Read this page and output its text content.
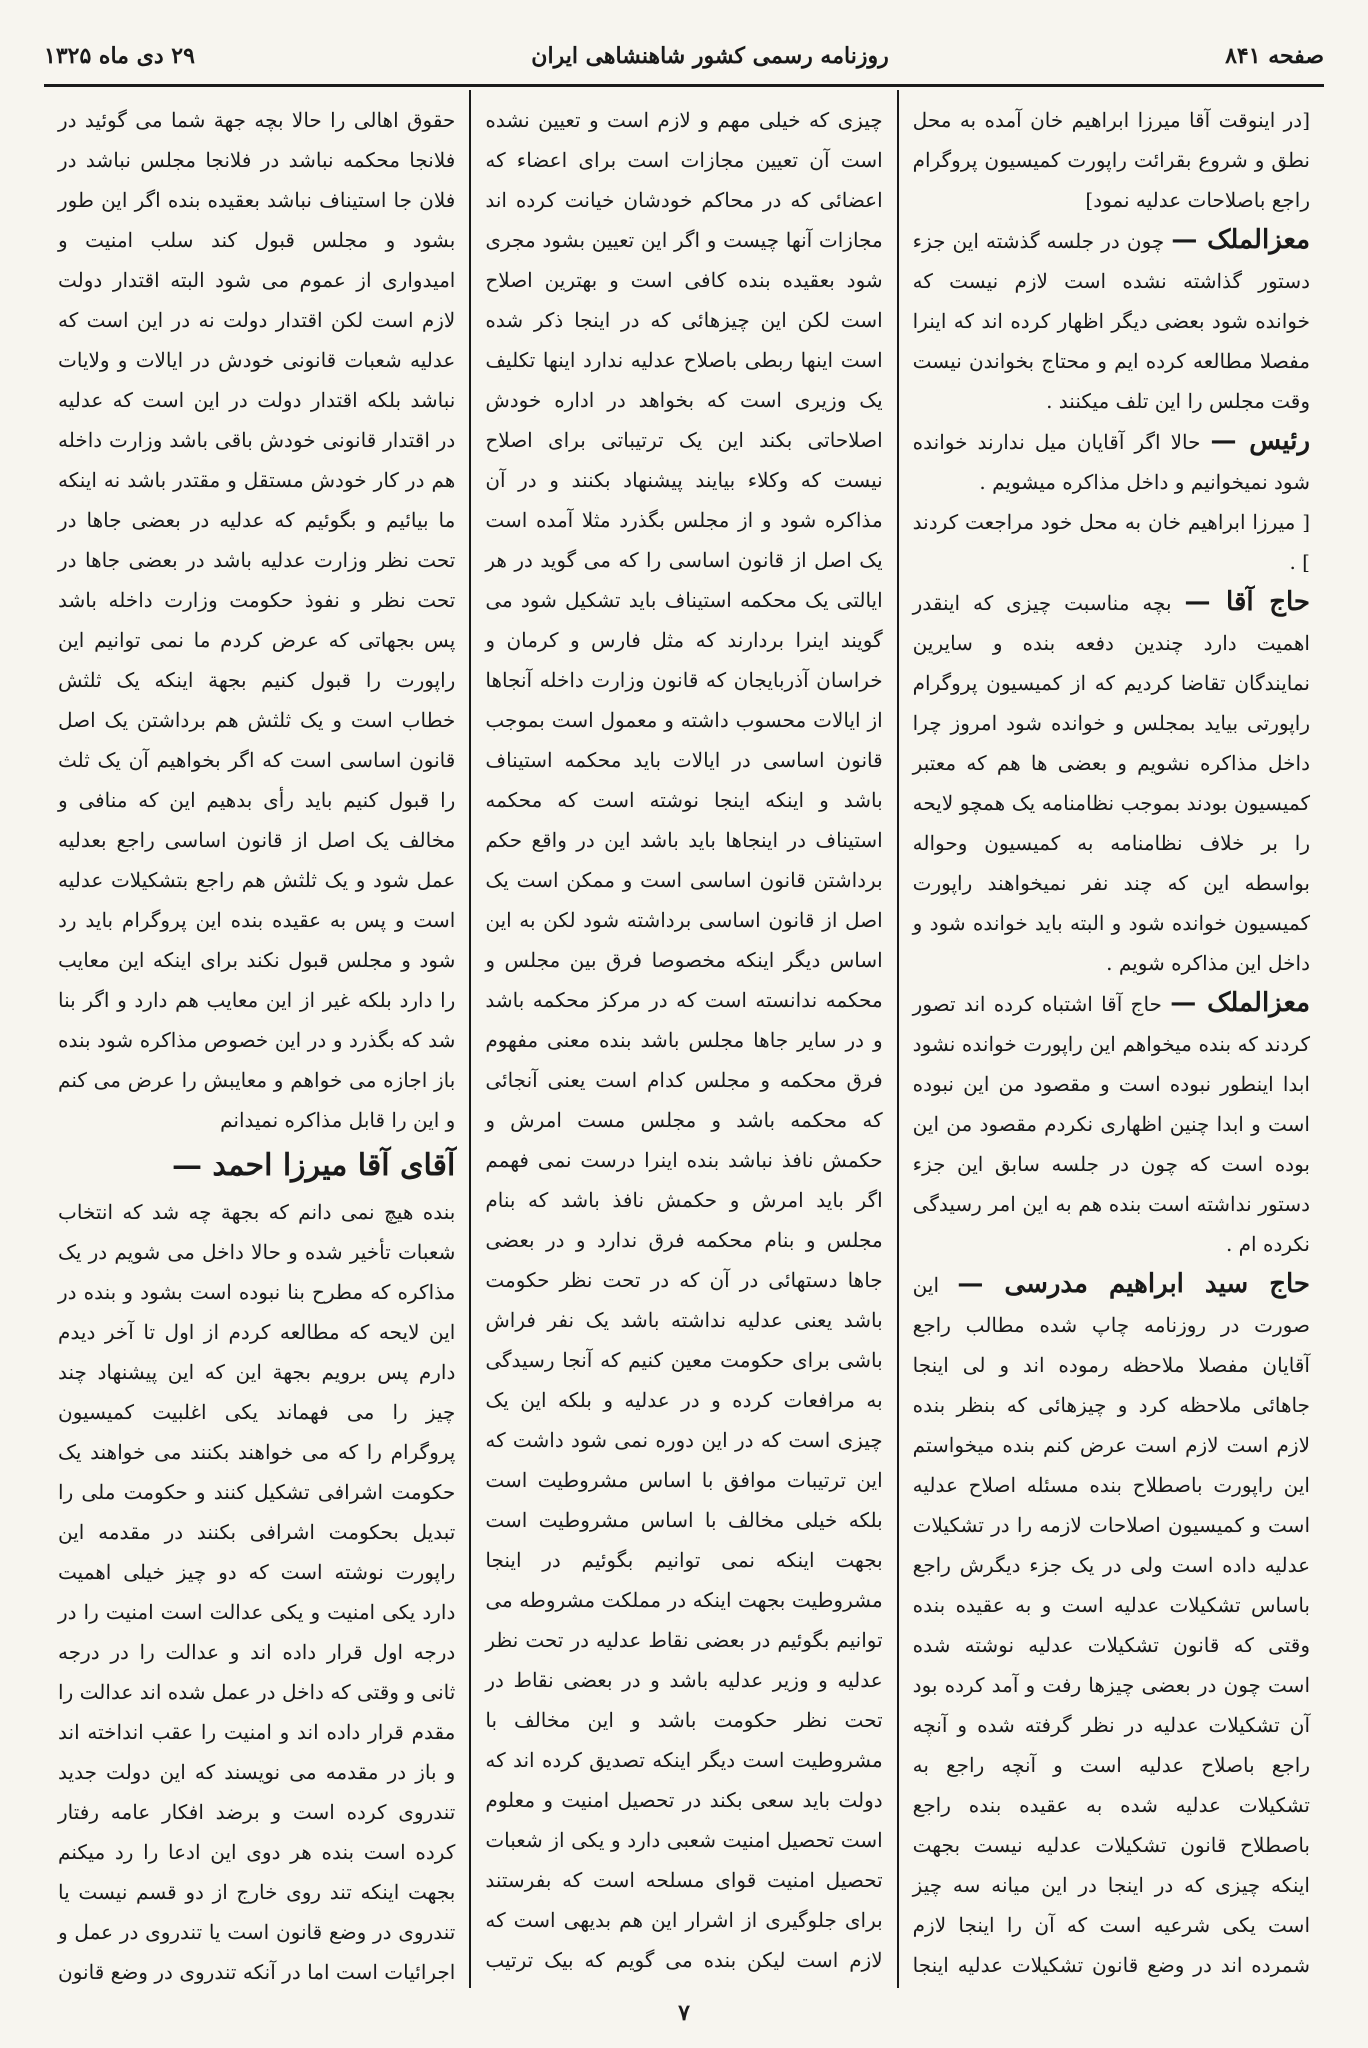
صفحه ۸۴۱
روزنامه رسمی کشور شاهنشاهی ایران
۲۹ دی ماه ۱۳۲۵

[در اینوقت آقا میرزا ابراهیم خان آمده به محل نطق و شروع بقرائت راپورت کمیسیون پروگرام راجع باصلاحات عدلیه نمود]

معزالملک — چون در جلسه گذشته این جزء دستور گذاشته نشده است لازم نیست که خوانده شود بعضی دیگر اظهار کرده اند که اینرا مفصلا مطالعه کرده ایم و محتاج بخواندن نیست وقت مجلس را این تلف میکنند .

رئیس — حالا اگر آقایان میل ندارند خوانده شود نمیخوانیم و داخل مذاکره میشویم .

[ میرزا ابراهیم خان به محل خود مراجعت کردند ] .

حاج آقا — بچه مناسبت چیزی که اینقدر اهمیت دارد چندین دفعه بنده و سایرین نمایندگان تقاضا کردیم که از کمیسیون پروگرام راپورتی بیاید بمجلس و خوانده شود امروز چرا داخل مذاکره نشویم و بعضی ها هم که معتبر کمیسیون بودند بموجب نظامنامه یک همچو لایحه را بر خلاف نظامنامه به کمیسیون وحواله بواسطه این که چند نفر نمیخواهند راپورت کمیسیون خوانده شود و البته باید خوانده شود و داخل این مذاکره شویم .

معزالملک — حاج آقا اشتباه کرده اند تصور کردند که بنده میخواهم این راپورت خوانده نشود ابدا اینطور نبوده است و مقصود من این نبوده است و ابدا چنین اظهاری نکردم مقصود من این بوده است که چون در جلسه سابق این جزء دستور نداشته است بنده هم به این امر رسیدگی نکرده ام .

حاج سید ابراهیم مدرسی — این صورت در روزنامه چاپ شده مطالب راجع آقایان مفصلا ملاحظه رموده اند و لی اینجا جاهائی ملاحظه کرد و چیزهائی که بنظر بنده لازم است لازم است عرض کنم بنده میخواستم این راپورت باصطلاح بنده مسئله اصلاح عدلیه است و کمیسیون اصلاحات لازمه را در تشکیلات عدلیه داده است ولی در یک جزء دیگرش راجع باساس تشکیلات عدلیه است و به عقیده بنده وقتی که قانون تشکیلات عدلیه نوشته شده است چون در بعضی چیزها رفت و آمد کرده بود آن تشکیلات عدلیه در نظر گرفته شده و آنچه راجع باصلاح عدلیه است و آنچه راجع به تشکیلات عدلیه شده به عقیده بنده راجع باصطلاح قانون تشکیلات عدلیه نیست بجهت اینکه چیزی که در اینجا در این میانه سه چیز است یکی شرعیه است که آن را اینجا لازم شمرده اند در وضع قانون تشکیلات عدلیه اینجا

چیزی که خیلی مهم و لازم است و تعیین نشده است آن تعیین مجازات است برای اعضاء که اعضائی که در محاکم خودشان خیانت کرده اند مجازات آنها چیست و اگر این تعیین بشود مجری شود بعقیده بنده کافی است و بهترین اصلاح است لکن این چیزهائی که در اینجا ذکر شده است اینها ربطی باصلاح عدلیه ندارد اینها تکلیف یک وزیری است که بخواهد در اداره خودش اصلاحاتی بکند این یک ترتیباتی برای اصلاح نیست که وکلاء بیایند پیشنهاد بکنند و در آن مذاکره شود و از مجلس بگذرد مثلا آمده است یک اصل از قانون اساسی را که می گوید در هر ایالتی یک محکمه استیناف باید تشکیل شود می گویند اینرا بردارند که مثل فارس و کرمان و خراسان آذربایجان که قانون وزارت داخله آنجاها از ایالات محسوب داشته و معمول است بموجب قانون اساسی در ایالات باید محکمه استیناف باشد و اینکه اینجا نوشته است که محکمه استیناف در اینجاها باید باشد این در واقع حکم برداشتن قانون اساسی است و ممکن است یک اصل از قانون اساسی برداشته شود لکن به این اساس دیگر اینکه مخصوصا فرق بین مجلس و محکمه ندانسته است که در مرکز محکمه باشد و در سایر جاها مجلس باشد بنده معنی مفهوم فرق محکمه و مجلس کدام است یعنی آنجائی که محکمه باشد و مجلس مست امرش و حکمش نافذ نباشد بنده اینرا درست نمی فهمم اگر باید امرش و حکمش نافذ باشد که بنام مجلس و بنام محکمه فرق ندارد و در بعضی جاها دستهائی در آن که در تحت نظر حکومت باشد یعنی عدلیه نداشته باشد یک نفر فراش باشی برای حکومت معین کنیم که آنجا رسیدگی به مرافعات کرده و در عدلیه و بلکه این یک چیزی است که در این دوره نمی شود داشت که این ترتیبات موافق با اساس مشروطیت است بلکه خیلی مخالف با اساس مشروطیت است بجهت اینکه نمی توانیم بگوئیم در اینجا مشروطیت بجهت اینکه در مملکت مشروطه می توانیم بگوئیم در بعضی نقاط عدلیه در تحت نظر عدلیه و وزیر عدلیه باشد و در بعضی نقاط در تحت نظر حکومت باشد و این مخالف با مشروطیت است دیگر اینکه تصدیق کرده اند که دولت باید سعی بکند در تحصیل امنیت و معلوم است تحصیل امنیت شعبی دارد و یکی از شعبات تحصیل امنیت قوای مسلحه است که بفرستند برای جلوگیری از اشرار این هم بدیهی است که لازم است لیکن بنده می گویم که بیک ترتیب

حقوق اهالی را حالا بچه جهة شما می گوئید در فلانجا محکمه نباشد در فلانجا مجلس نباشد در فلان جا استیناف نباشد بعقیده بنده اگر این طور بشود و مجلس قبول کند سلب امنیت و امیدواری از عموم می شود البته اقتدار دولت لازم است لکن اقتدار دولت نه در این است که عدلیه شعبات قانونی خودش در ایالات و ولایات نباشد بلکه اقتدار دولت در این است که عدلیه در اقتدار قانونی خودش باقی باشد وزارت داخله هم در کار خودش مستقل و مقتدر باشد نه اینکه ما بیائیم و بگوئیم که عدلیه در بعضی جاها در تحت نظر وزارت عدلیه باشد در بعضی جاها در تحت نظر و نفوذ حکومت وزارت داخله باشد پس بجهاتی که عرض کردم ما نمی توانیم این راپورت را قبول کنیم بجهة اینکه یک ثلثش خطاب است و یک ثلثش هم برداشتن یک اصل قانون اساسی است که اگر بخواهیم آن یک ثلث را قبول کنیم باید رأی بدهیم این که منافی و مخالف یک اصل از قانون اساسی راجع بعدلیه عمل شود و یک ثلثش هم راجع بتشکیلات عدلیه است و پس به عقیده بنده این پروگرام باید رد شود و مجلس قبول نکند برای اینکه این معایب را دارد بلکه غیر از این معایب هم دارد و اگر بنا شد که بگذرد و در این خصوص مذاکره شود بنده باز اجازه می خواهم و معایبش را عرض می کنم و این را قابل مذاکره نمیدانم

آقای آقا میرزا احمد —
بنده هیچ نمی دانم که بجهة چه شد که انتخاب شعبات تأخیر شده و حالا داخل می شویم در یک مذاکره که مطرح بنا نبوده است بشود و بنده در این لایحه که مطالعه کردم از اول تا آخر دیدم دارم پس برویم بجهة این که این پیشنهاد چند چیز را می فهماند یکی اغلبیت کمیسیون پروگرام را که می خواهند بکنند می خواهند یک حکومت اشرافی تشکیل کنند و حکومت ملی را تبدیل بحکومت اشرافی بکنند در مقدمه این راپورت نوشته است که دو چیز خیلی اهمیت دارد یکی امنیت و یکی عدالت است امنیت را در درجه اول قرار داده اند و عدالت را در درجه ثانی و وقتی که داخل در عمل شده اند عدالت را مقدم قرار داده اند و امنیت را عقب انداخته اند و باز در مقدمه می نویسند که این دولت جدید تندروی کرده است و برضد افکار عامه رفتار کرده است بنده هر دوی این ادعا را رد میکنم بجهت اینکه تند روی خارج از دو قسم نیست یا تندروی در وضع قانون است یا تندروی در عمل و اجرائیات است اما در آنکه تندروی در وضع قانون

۷
